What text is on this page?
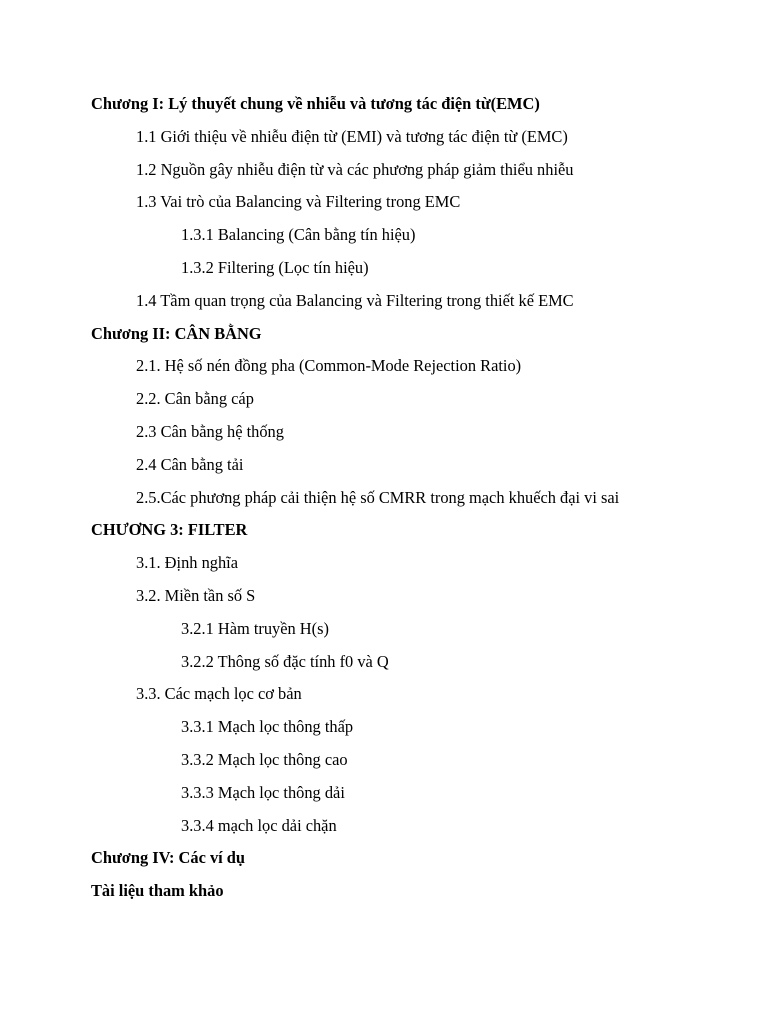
Chương I: Lý thuyết chung về nhiễu và tương tác điện từ(EMC)
1.1 Giới thiệu về nhiễu điện từ (EMI) và tương tác điện từ (EMC)
1.2 Nguồn gây nhiễu điện từ và các phương pháp giảm thiểu nhiễu
1.3 Vai trò của Balancing và Filtering trong EMC
1.3.1 Balancing (Cân bằng tín hiệu)
1.3.2 Filtering (Lọc tín hiệu)
1.4 Tầm quan trọng của Balancing và Filtering trong thiết kế EMC
Chương II: CÂN BẰNG
2.1. Hệ số nén đồng pha (Common-Mode Rejection Ratio)
2.2. Cân bằng cáp
2.3 Cân bằng hệ thống
2.4 Cân bằng tải
2.5.Các phương pháp cải thiện hệ số CMRR trong mạch khuếch đại vi sai
CHƯƠNG 3: FILTER
3.1. Định nghĩa
3.2. Miền tần số S
3.2.1 Hàm truyền H(s)
3.2.2 Thông số đặc tính f0 và Q
3.3. Các mạch lọc cơ bản
3.3.1 Mạch lọc thông thấp
3.3.2 Mạch lọc thông cao
3.3.3 Mạch lọc thông dải
3.3.4 mạch lọc dải chặn
Chương IV: Các ví dụ
Tài liệu tham khảo
